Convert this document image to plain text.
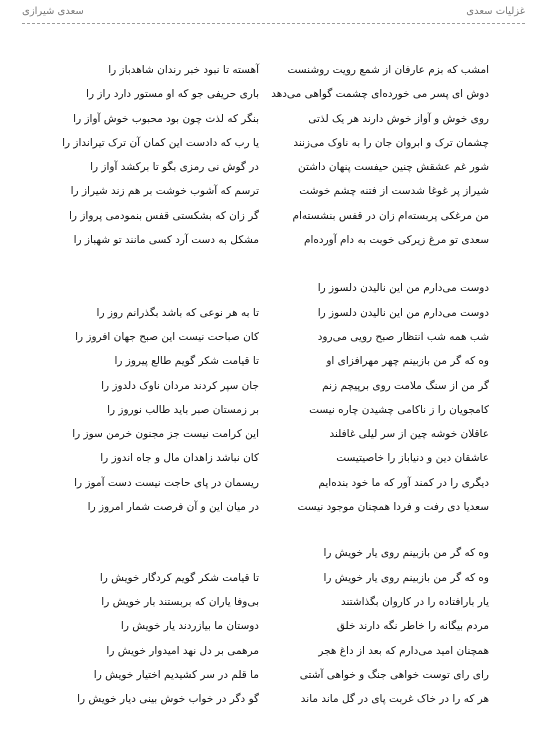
غزلیات سعدی
سعدی شیرازی
امشب که بزم عارفان از شمع رویت روشنست
آهسته تا نبود خبر رندان شاهدباز را
دوش ای پسر می خورده‌ای چشمت گواهی می‌دهد
باری حریفی جو که او مستور دارد راز را
روی خوش و آواز خوش دارند هر یک لذتی
بنگر که لذت چون بود محبوب خوش آواز را
چشمان ترک و ابروان جان را به ناوک می‌زنند
یا رب که دادست این کمان آن ترک تیرانداز را
شور غم عشقش چنین حیفست پنهان داشتن
در گوش نی رمزی بگو تا برکشد آواز را
شیراز پر غوغا شدست از فتنه چشم خوشت
ترسم که آشوب خوشت بر هم زند شیراز را
من مرغکی پربسته‌ام زان در قفس بنشسته‌ام
گر زان که بشکستی قفس بنمودمی پرواز را
سعدی تو مرغ زیرکی خوبت به دام آورده‌ام
مشکل به دست آرد کسی مانند تو شهباز را
دوست می‌دارم من این نالیدن دلسوز را
دوست می‌دارم من این نالیدن دلسوز را
تا به هر نوعی که باشد بگذرانم روز را
شب همه شب انتظار صبح رویی می‌رود
کان صباحت نیست این صبح جهان افروز را
وه که گر من بازبینم چهر مهرافزای او
تا قیامت شکر گویم طالع پیروز را
گر من از سنگ ملامت روی برپیچم زنم
جان سپر کردند مردان ناوک دلدوز را
کامجویان را ز ناکامی چشیدن چاره نیست
بر زمستان صبر باید طالب نوروز را
عاقلان خوشه چین از سر لیلی غافلند
این کرامت نیست جز مجنون خرمن سوز را
عاشقان دین و دنیاباز را خاصیتیست
کان نباشد زاهدان مال و جاه اندوز را
دیگری را در کمند آور که ما خود بنده‌ایم
ریسمان در پای حاجت نیست دست آموز را
سعدیا دی رفت و فردا همچنان موجود نیست
در میان این و آن فرصت شمار امروز را
وه که گر من بازبینم روی یار خویش را
وه که گر من بازبینم روی یار خویش را
تا قیامت شکر گویم کردگار خویش را
یار بارافتاده را در کاروان بگذاشتند
بی‌وفا یاران که بربستند بار خویش را
مردم بیگانه را خاطر نگه دارند خلق
دوستان ما بیازردند یار خویش را
همچنان امید می‌دارم که بعد از داغ هجر
مرهمی بر دل نهد امیدوار خویش را
رای رای توست خواهی جنگ و خواهی آشتی
ما قلم در سر کشیدیم اختیار خویش را
هر که را در خاک غربت پای در گل ماند ماند
گو دگر در خواب خوش بینی دیار خویش را
